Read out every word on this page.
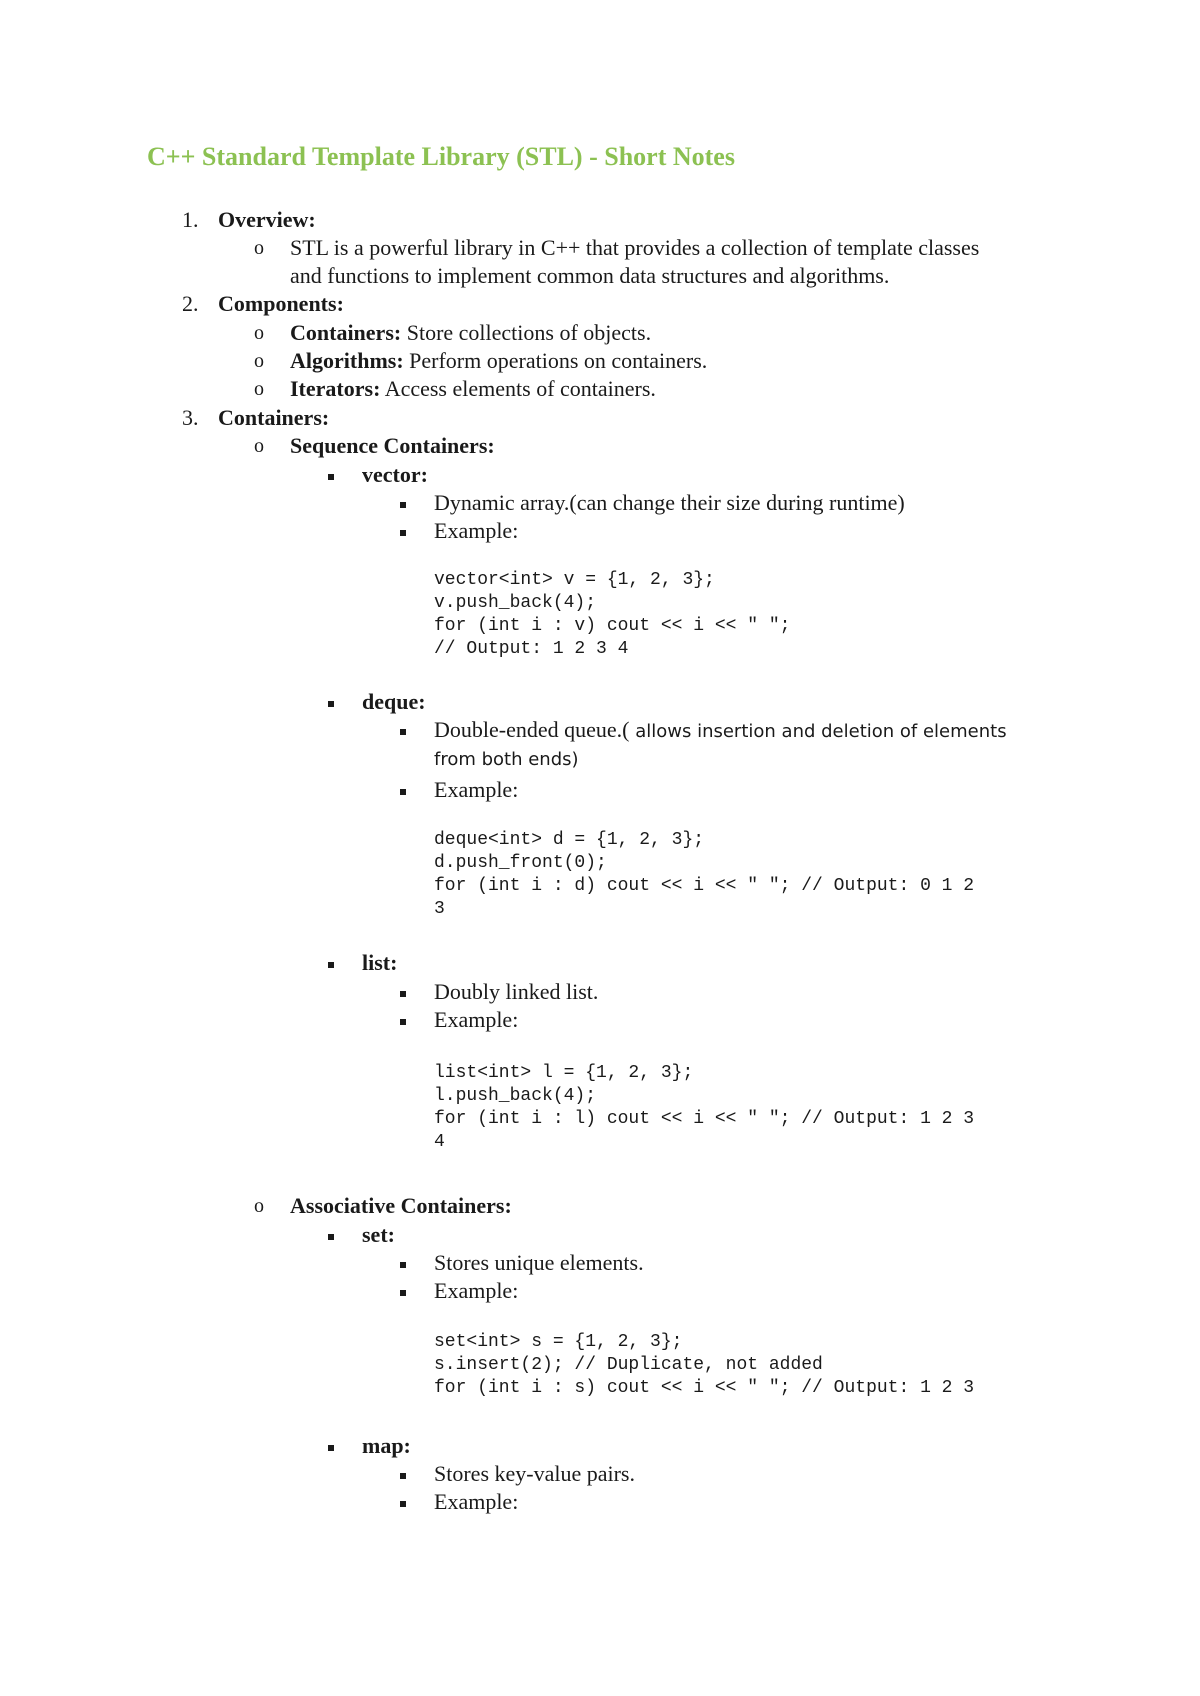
C++ Standard Template Library (STL) - Short Notes
1. Overview:
o STL is a powerful library in C++ that provides a collection of template classes
and functions to implement common data structures and algorithms.
2. Components:
o Containers: Store collections of objects.
o Algorithms: Perform operations on containers.
o Iterators: Access elements of containers.
3. Containers:
o Sequence Containers:
vector:
Dynamic array.(can change their size during runtime)
Example:
vector<int> v = {1, 2, 3};
v.push_back(4);
for (int i : v) cout << i << " ";
// Output: 1 2 3 4
deque:
Double-ended queue.( allows insertion and deletion of elements
from both ends)
Example:
deque<int> d = {1, 2, 3};
d.push_front(0);
for (int i : d) cout << i << " "; // Output: 0 1 2
3
list:
Doubly linked list.
Example:
list<int> l = {1, 2, 3};
l.push_back(4);
for (int i : l) cout << i << " "; // Output: 1 2 3
4
o Associative Containers:
set:
Stores unique elements.
Example:
set<int> s = {1, 2, 3};
s.insert(2); // Duplicate, not added
for (int i : s) cout << i << " "; // Output: 1 2 3
map:
Stores key-value pairs.
Example:
